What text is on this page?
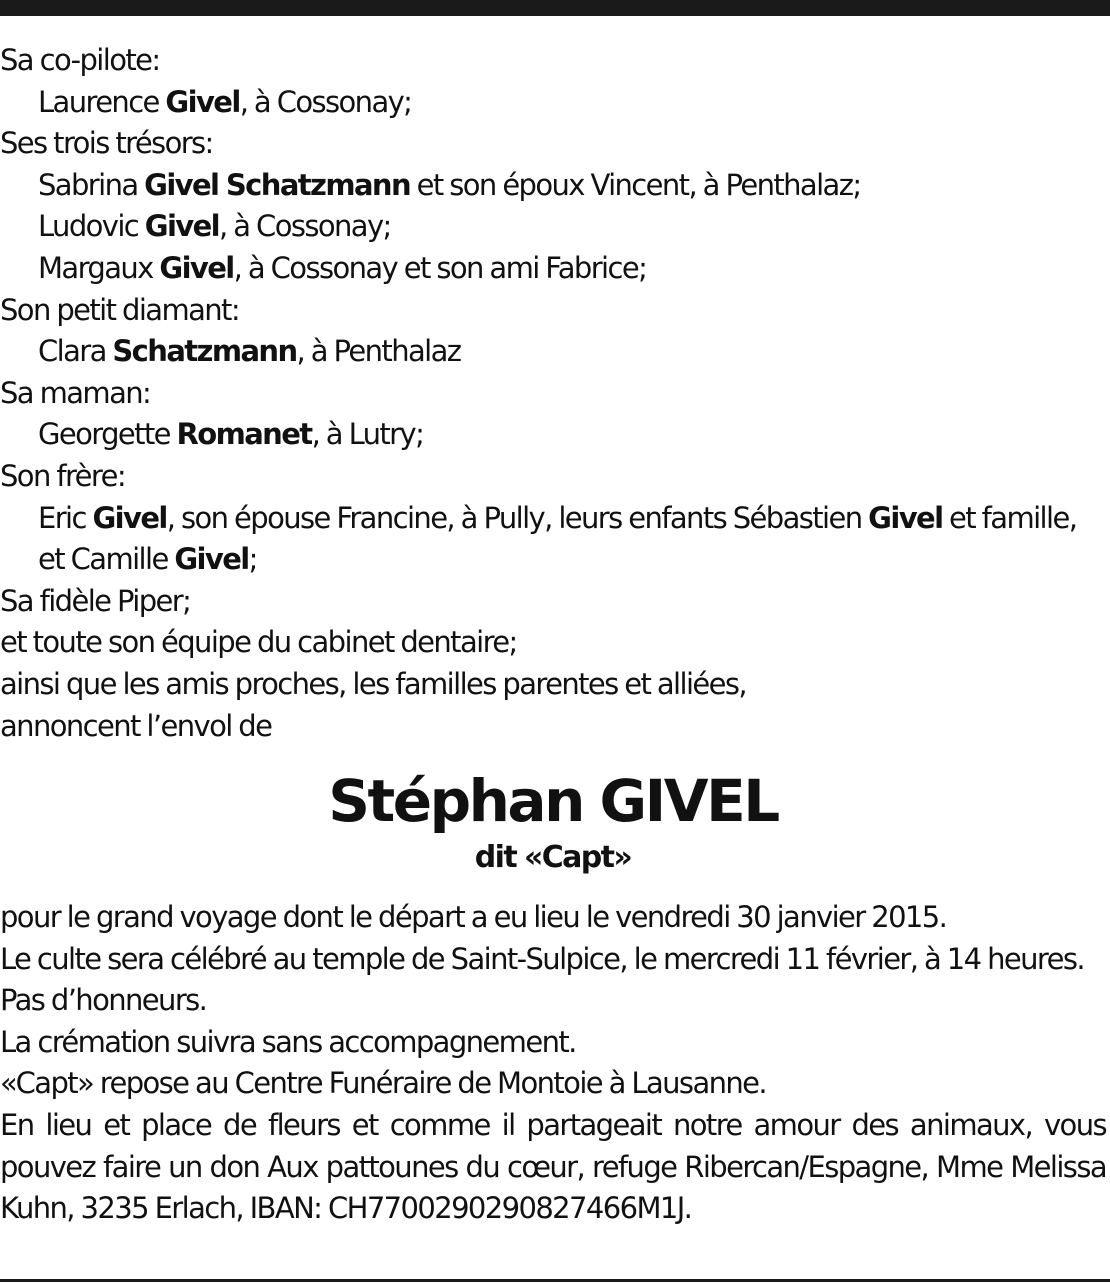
Sa co-pilote:
Laurence Givel, à Cossonay;
Ses trois trésors:
Sabrina Givel Schatzmann et son époux Vincent, à Penthalaz;
Ludovic Givel, à Cossonay;
Margaux Givel, à Cossonay et son ami Fabrice;
Son petit diamant:
Clara Schatzmann, à Penthalaz
Sa maman:
Georgette Romanet, à Lutry;
Son frère:
Eric Givel, son épouse Francine, à Pully, leurs enfants Sébastien Givel et famille, et Camille Givel;
Sa fidèle Piper;
et toute son équipe du cabinet dentaire;
ainsi que les amis proches, les familles parentes et alliées,
annoncent l’envol de
Stéphan GIVEL
dit «Capt»
pour le grand voyage dont le départ a eu lieu le vendredi 30 janvier 2015.
Le culte sera célébré au temple de Saint-Sulpice, le mercredi 11 février, à 14 heures.
Pas d’honneurs.
La crémation suivra sans accompagnement.
«Capt» repose au Centre Funéraire de Montoie à Lausanne.
En lieu et place de fleurs et comme il partageait notre amour des animaux, vous pouvez faire un don Aux pattounes du cœur, refuge Ribercan/Espagne, Mme Melissa Kuhn, 3235 Erlach, IBAN: CH7700290290827466M1J.
